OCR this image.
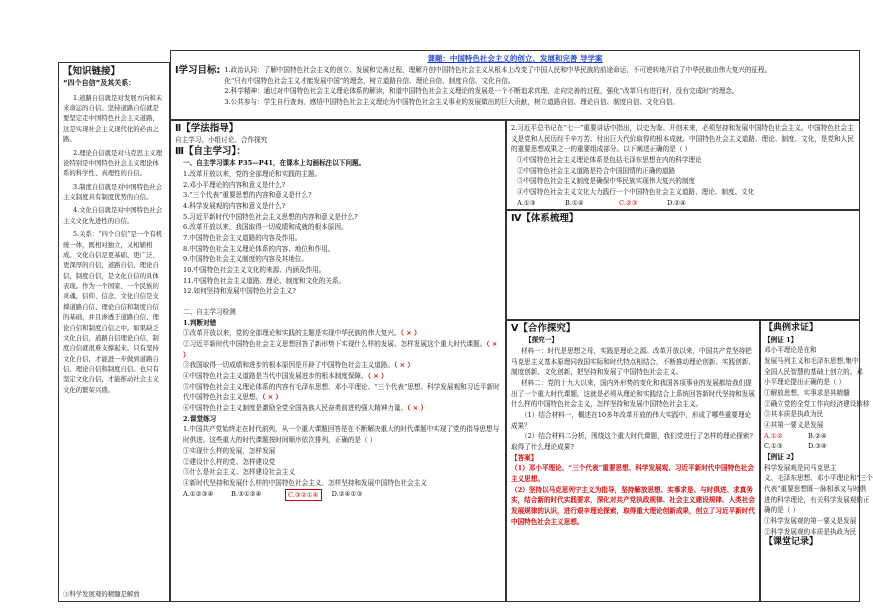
【知识链接】
“四个自信”及其关系：

1.道路自信就是对发展方向和未来命运的自信。坚持道路自信就是要坚定走中国特色社会主义道路，这是实现社会主义现代化的必由之路。

2.理论自信就是对马克思主义理论特别是中国特色社会主义理论体系的科学性、真理性的自信。

3.制度自信就是对中国特色社会主义制度具有制度优势的自信。

4.文化自信就是对中国特色社会主义文化先进性的自信。

5.关系：“四个自信”是一个有机统一体，既相对独立，又相辅相成。文化自信是更基础、更广泛、更深厚的自信，道路自信、理论自信、制度自信，是文化自信的具体表现。作为一个国家、一个民族的灵魂，信仰、信念，文化自信是支撑道路自信、理论自信和制度自信的基础，并且渗透于道路自信、理论自信和制度自信之中。如果缺乏文化自信，道路自信理论自信，制度自信就很难支撑起来。只有坚持文化自信，才能进一步做到道路自信、理论自信和制度自信。也只有坚定文化自信，才能推动社会主义文化的繁荣兴盛。

③科学发展观的精髓是解放
课题：中国特色社会主义的创立、发展和完善 导学案
Ⅰ学习目标: 1.政治认同：了解中国特色社会主义的创立、发展和完善过程，理解开创中国特色社会主义从根本上改变了中国人民和中华民族的前途命运，不可逆转地开启了中华民族由伟大复兴的征程。
化“只有中国特色社会主义才能发展中国”的理念，树立道路自信、理论自信、制度自信、文化自信。
2.科学精神：通过对中国特色社会主义理论体系的解读，和道中国特色社会主义理论的发展是一个不断追求真理、走向完善的过程，强化“改革只有进行时，没有完成时”的理念。
3.公共参与：学生自行查询，感悟中国特色社会主义理论为中国特色社会主义事业的发展做出的巨大贡献，树立道路自信、理论自信、制度自信、文化自信。
Ⅱ【学法指导】
自主学习、小组讨论、合作探究
Ⅲ【自主学习】：
一、自主学习课本 P35—P41，在课本上勾画标注以下问题。
1.改革开放以来，党的全部理论和实践的主题。
2.邓小平理论的内容和意义是什么?
3.“三个代表”重要思想的内容和意义是什么?
4.科学发展观的内容和意义是什么?
5.习近平新时代中国特色社会主义思想的内容和意义是什么?
6.改革开放以来，我国取得一切成绩和成就的根本原因。
7.中国特色社会主义道路的内容及作用。
8.中国特色社会主义理论体系的内容、地位和作用。
9.中国特色社会主义制度的内容及其地位。
10.中国特色社会主义文化的来源、内涵及作用。
11.中国特色社会主义道路、理论、制度和文化的关系。
12.如何坚持和发展中国特色社会主义?
二、自主学习检测
1.判断对错
①改革开放以来，党的全部理论和实践的主题是实现中华民族的伟大复兴。（ × ）
②习近平新时代中国特色社会主义思想回答了新形势下实现什么样的发展、怎样发展这个重大时代课题。（ × ）
③我国取得一切成绩和进步的根本原因是开辟了中国特色社会主义道路。（ × ）
④中国特色社会主义道路是当代中国发展进步的根本制度保障。（ × ）
⑤中国特色社会主义理论体系的内容有毛泽东思想、邓小平理论、“三个代表”思想、科学发展观和习近平新时代中国特色社会主义思想。（ × ）
⑥中国特色社会主义制度是激励全党全国各族人民奋勇前进的强大精神力量。（ × ）
2.课堂练习
1.中国共产党始终走在时代前列，从一个重大课题回答是在不断解决重大的时代课题中实现了党的指导思想与时俱进。这些重大的时代课题按时间顺序依次排列，正确的是（ ）
①实现什么样的发展，怎样发展
②建设什么样的党、怎样建设党
③什么是社会主义、怎样建设社会主义
④新时代坚持和发展什么样的中国特色社会主义、怎样坚持和发展中国特色社会主义
A.①②③④	B.③①②④	C.③②①④	D.②④①③
2.习近平总书记在“七一”重要讲话中指出，以史为鉴、开创未来，必须坚持和发展中国特色社会主义。中国特色社会主义是党和人民历经千辛万苦、付出巨大代价取得的根本成就。中国特色社会主义道路、理论、制度、文化，是党和人民的重要思想成果之一的重要组成部分。以下阐述正确的是（ ）
①中国特色社会主义理论体系是包括毛泽东思想在内的科学理论
②中国特色社会主义道路是符合中国国情的正确的道路
③中国特色社会主义制度是确保中华民族实现伟大复兴的制度
④中国特色社会主义文化大力践行一个中国特色社会主义道路、理论、制度、文化
A.①③	B.①④	C.②③	D.②④
Ⅳ【体系梳理】
Ⅴ【合作探究】
【探究一】
材料一：时代是思想之母，实践是理论之源。改革开放以来，中国共产党坚持把马克思主义基本原理同我国实际和时代特点相结合，不断推动理论创新、实践创新、制度创新、文化创新，把坚持和发展了中国特色社会主义。
材料二：党的十九大以来，国内外形势的变化和我国各项事业的发展都给我们提出了一个重大时代课题，这就是必须从理论和实践结合上系统回答新时代坚持和发展什么样的中国特色社会主义，怎样坚持和发展中国特色社会主义。
（1）结合材料一，概述在10多年改革开放的伟大实践中，形成了哪些重要理论成果？
（2）结合材料二分析，围绕这个重大时代课题，我们党进行了怎样的理论探索?取得了什么理论成果?
【答案】
（1）邓小平理论、“三个代表”重要思想、科学发展观、习近平新时代中国特色社会主义思想。
（2）坚持以马克思列宁主义为指导，坚持解放思想、实事求是、与时俱进、求真务实，结合新的时代实践要求，深化对共产党执政规律、社会主义建设规律、人类社会发展规律的认识，进行艰辛理论探索，取得重大理论创新成果，创立了习近平新时代中国特色社会主义思想。
【典例求证】
【例证 1】
邓小平理论是在和
发展马列主义和毛泽东思想,集中
全国人民智慧的基础上创立的。邓
小平理论提出正确的是（ ）
①解放思想，实事求是其精髓
②确立党的全党工作向经济建设转移
③其本质是执政为民
④其第一要义是发展
A.①②	B.②④
C.①③	D.③④
【例证 2】
科学发展观是同马克思主
义、毛泽东思想、邓小平理论和“三个
代表”重要思想既一脉相承又与时俱
进的科学理论，有关科学发展观的正
确的是（ ）
①科学发展观的第一要义是发展
②科学发展观的本质是执政为民
【课堂记录】
